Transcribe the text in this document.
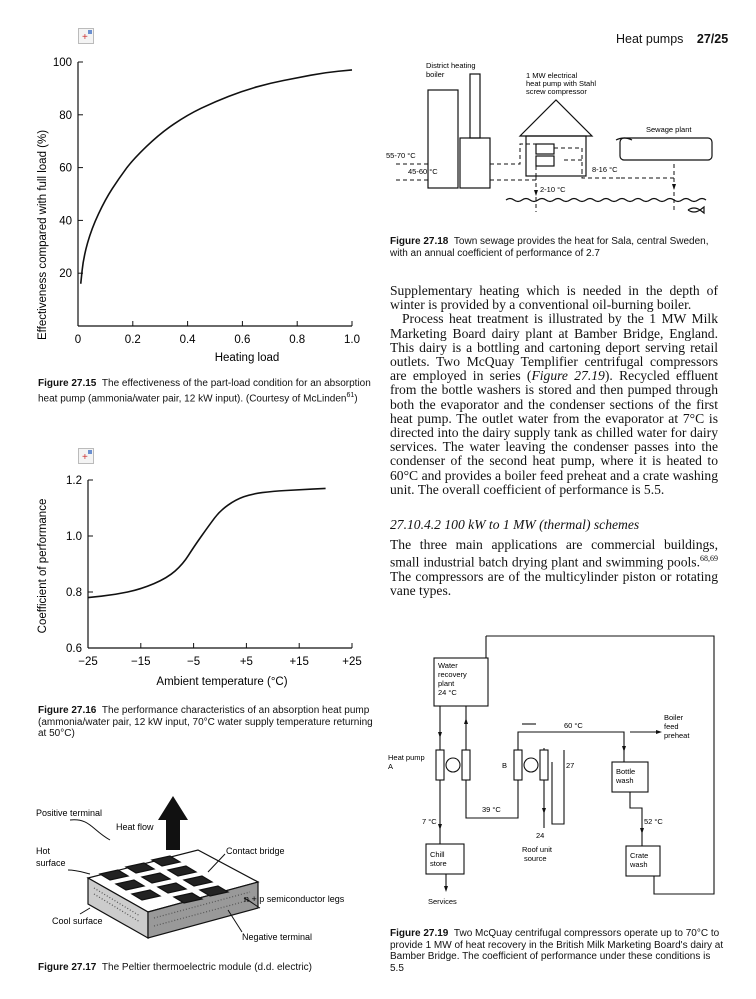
Heat pumps 27/25
+
0	0.2	0.4	0.6	0.8	1.0
20
40
60
80
100
Effectiveness compared with full load (%)
Heating load
Figure 27.15 The effectiveness of the part-load condition for an absorption heat pump (ammonia/water pair, 12 kW input). (Courtesy of McLinden$^{61}$)
+
−25	−15	−5	+5	+15	+25
0.6
0.8
1.0
1.2
Coefficient of performance
Ambient temperature (°C)
Figure 27.16 The performance characteristics of an absorption heat pump (ammonia/water pair, 12 kW input, 70°C water supply temperature returning at 50°C)
Positive terminal
Heat flow
Hot
surface
Contact bridge
n + p semiconductor legs
Cool surface
Negative terminal
Figure 27.17 The Peltier thermoelectric module (d.d. electric)
District heating
boiler	1 MW electrical
heat pump with Stahl
screw compressor
Sewage plant
55-70 °C
45-60 °C	8-16 °C
2-10 °C
Figure 27.18 Town sewage provides the heat for Sala, central Sweden, with an annual coefficient of performance of 2.7

Supplementary heating which is needed in the depth of winter is provided by a conventional oil-burning boiler.

Process heat treatment is illustrated by the 1 MW Milk Marketing Board dairy plant at Bamber Bridge, England. This dairy is a bottling and cartoning deport serving retail outlets. Two McQuay Templifier centrifugal compressors are employed in series (Figure 27.19). Recycled effluent from the bottle washers is stored and then pumped through both the evaporator and the condenser sections of the first heat pump. The outlet water from the evaporator at 7°C is directed into the dairy supply tank as chilled water for dairy services. The water leaving the condenser passes into the condenser of the second heat pump, where it is heated to 60°C and provides a boiler feed preheat and a crate washing unit. The overall coefficient of performance is 5.5.

27.10.4.2 100 kW to 1 MW (thermal) schemes

The three main applications are commercial buildings, small industrial batch drying plant and swimming pools.$^{68,69}$ The compressors are of the multicylinder piston or rotating vane types.

Water
recovery
plant
24 °C
Heat pump
A	B	27
24
60 °C
39 °C
7 °C	52 °C
Boiler
feed
preheat
Bottle
wash
Chill
store
Roof unit
source	Crate
wash
Services
Figure 27.19 Two McQuay centrifugal compressors operate up to 70°C to provide 1 MW of heat recovery in the British Milk Marketing Board's dairy at Bamber Bridge. The coefficient of performance under these conditions is 5.5
